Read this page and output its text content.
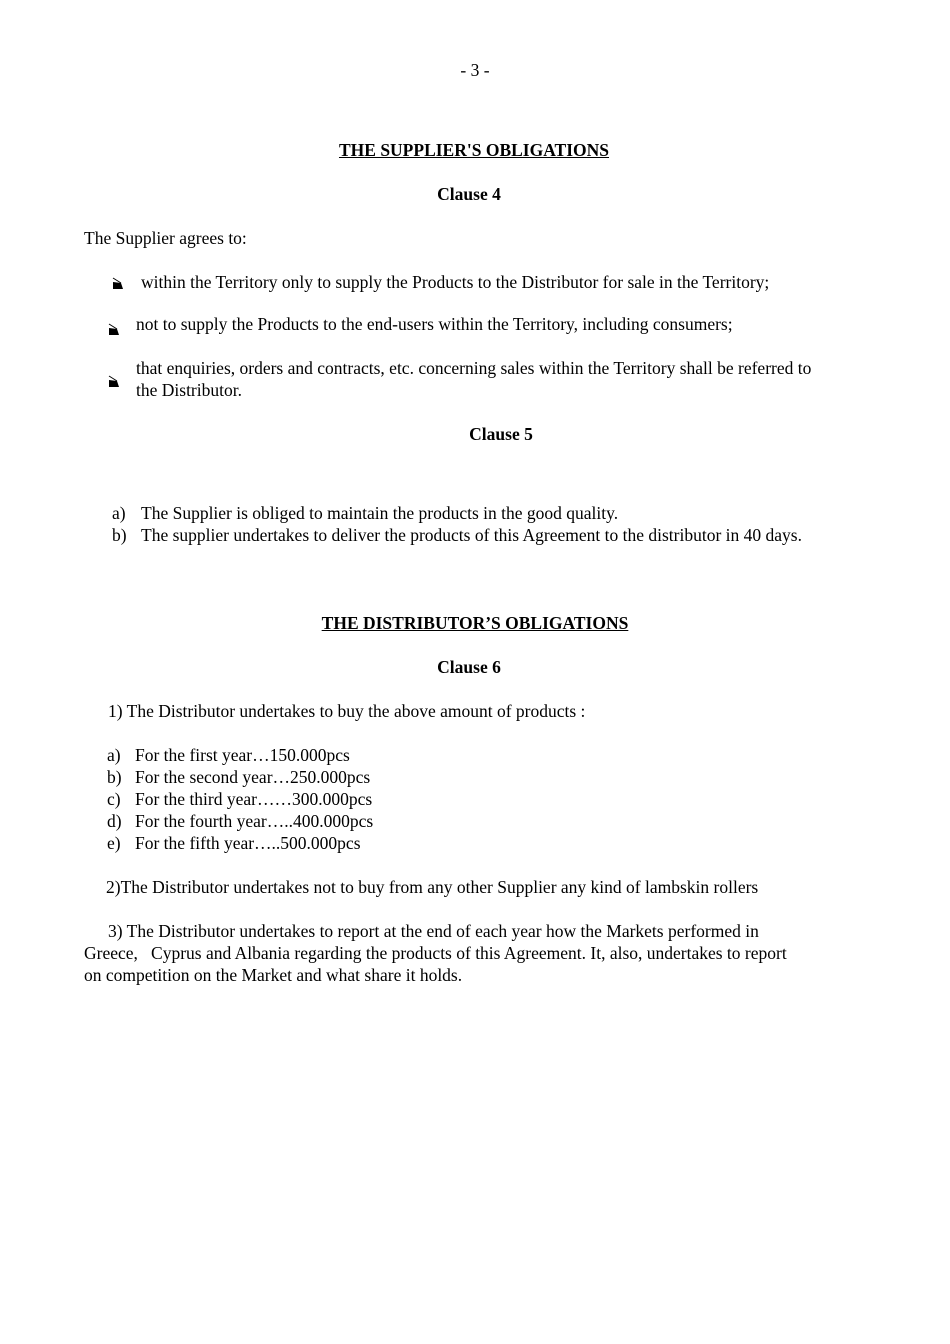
- 3 -
THE SUPPLIER'S OBLIGATIONS
Clause 4
The Supplier agrees to:
within the Territory only to supply the Products to the Distributor for sale in the Territory;
not to supply the Products to the end-users within the Territory, including consumers;
that enquiries, orders and contracts, etc. concerning sales within the Territory shall be referred to
the Distributor.
Clause 5
a) The Supplier is obliged to maintain the products in the good quality.
b) The supplier undertakes to deliver the products of this Agreement to the distributor in 40 days.
THE DISTRIBUTOR’S OBLIGATIONS
Clause 6
1) The Distributor undertakes to buy the above amount of products :
a) For the first year…150.000pcs
b) For the second year…250.000pcs
c) For the third year……300.000pcs
d) For the fourth year…..400.000pcs
e) For the fifth year…..500.000pcs
2)The Distributor undertakes not to buy from any other Supplier any kind of lambskin rollers
3) The Distributor undertakes to report at the end of each year how the Markets performed in
Greece,   Cyprus and Albania regarding the products of this Agreement. It, also, undertakes to report
on competition on the Market and what share it holds.
